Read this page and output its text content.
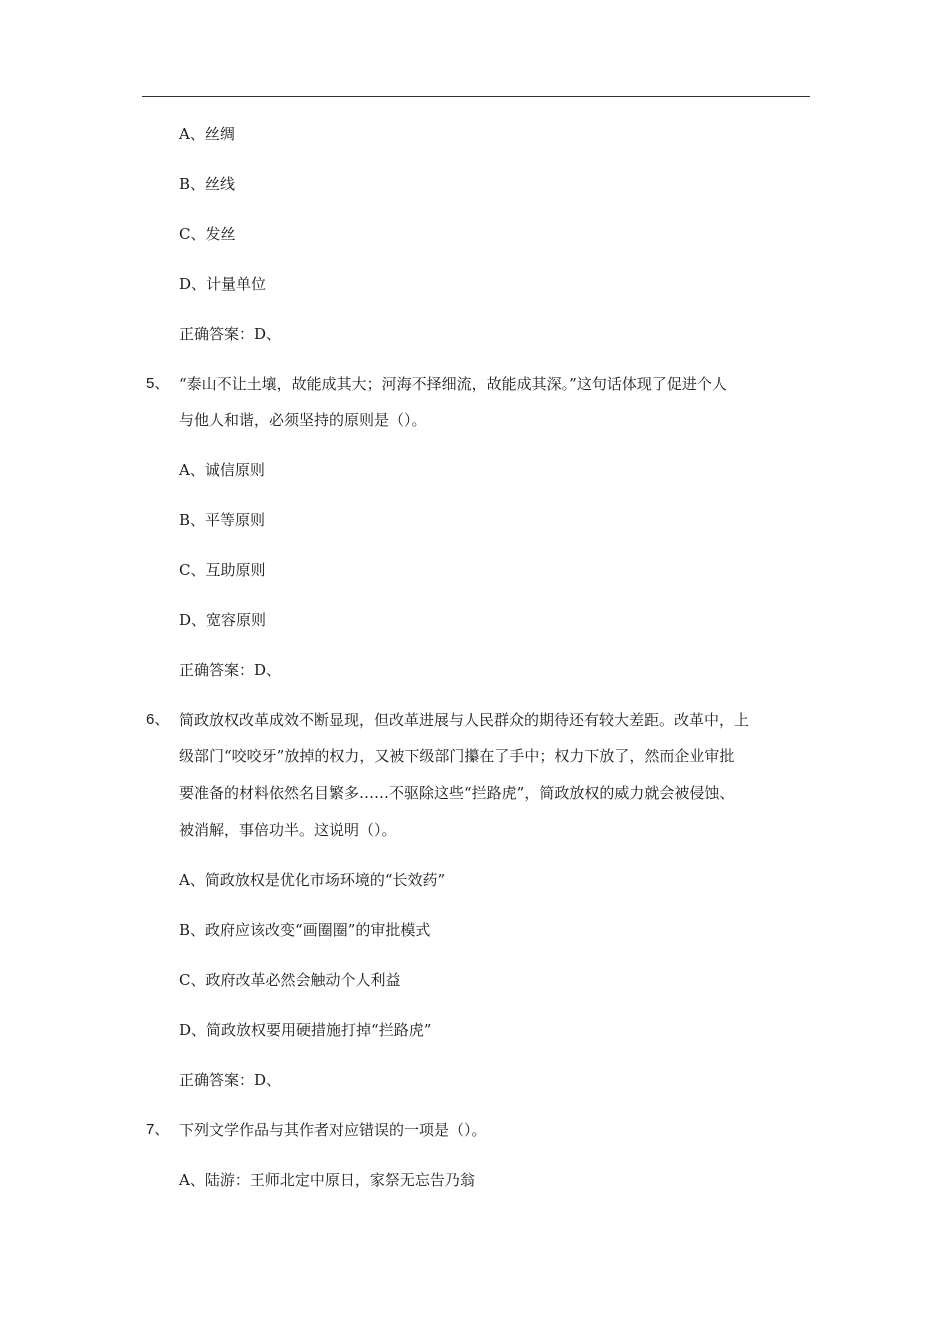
A、丝绸
B、丝线
C、发丝
D、计量单位
正确答案：D、
5、 “泰山不让土壤，故能成其大；河海不择细流，故能成其深。”这句话体现了促进个人
与他人和谐，必须坚持的原则是（）。
A、诚信原则
B、平等原则
C、互助原则
D、宽容原则
正确答案：D、
6、 简政放权改革成效不断显现，但改革进展与人民群众的期待还有较大差距。改革中，上
级部门“咬咬牙”放掉的权力，又被下级部门攥在了手中；权力下放了，然而企业审批
要准备的材料依然名目繁多……不驱除这些“拦路虎”，简政放权的威力就会被侵蚀、
被消解，事倍功半。这说明（）。
A、简政放权是优化市场环境的“长效药”
B、政府应该改变“画圈圈”的审批模式
C、政府改革必然会触动个人利益
D、简政放权要用硬措施打掉“拦路虎”
正确答案：D、
7、 下列文学作品与其作者对应错误的一项是（）。
A、陆游：王师北定中原日，家祭无忘告乃翁
